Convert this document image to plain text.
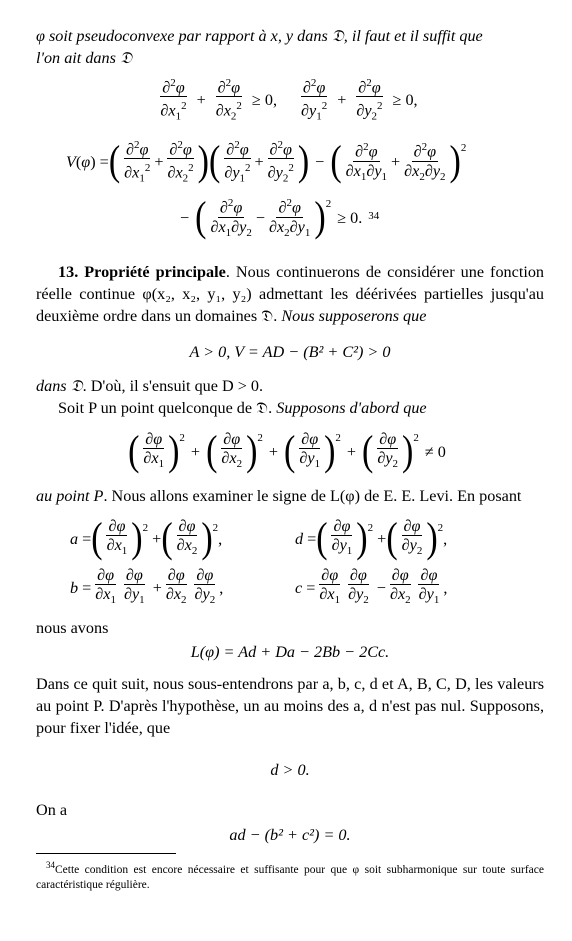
φ soit pseudoconvexe par rapport à x, y dans 𝔇, il faut et il suffit que

l'on ait dans 𝔇

$\frac{\partial^2\varphi}{\partial x_1^2} + \frac{\partial^2\varphi}{\partial x_2^2} \ge 0$, $\frac{\partial^2\varphi}{\partial y_1^2} + \frac{\partial^2\varphi}{\partial y_2^2} \ge 0$,
V(φ) = ( $\frac{\partial^2\varphi}{\partial x_1^2} + \frac{\partial^2\varphi}{\partial x_2^2}$ ) ( $\frac{\partial^2\varphi}{\partial y_1^2} + \frac{\partial^2\varphi}{\partial y_2^2}$ ) − ( $\frac{\partial^2\varphi}{\partial x_1\partial y_1} + \frac{\partial^2\varphi}{\partial x_2\partial y_2}$ ) 2
− ( $\frac{\partial^2\varphi}{\partial x_1\partial y_2} - \frac{\partial^2\varphi}{\partial x_2\partial y_1}$ ) 2
≥ 0. 34

13. Propriété principale. Nous continuerons de considérer une fonction réelle continue φ(x₂, x₂, y₁, y₂) admettant les déérivées partielles jusqu'au deuxième ordre dans un domaines 𝔇. Nous supposerons que

A > 0, V = AD − (B² + C²) > 0

dans 𝔇. D'où, il s'ensuit que D > 0.

Soit P un point quelconque de 𝔇. Supposons d'abord que

( $\frac{\partial\varphi}{\partial x_1}$ ) 2
+ ( $\frac{\partial\varphi}{\partial x_2}$ ) 2
+ ( $\frac{\partial\varphi}{\partial y_1}$ ) 2
+ ( $\frac{\partial\varphi}{\partial y_2}$ ) 2
≠ 0

au point P. Nous allons examiner le signe de L(φ) de E. E. Levi. En posant

a = ( $\frac{\partial\varphi}{\partial x_1}$ ) 2
+ ( $\frac{\partial\varphi}{\partial x_2}$ ) 2
,	d = ( $\frac{\partial\varphi}{\partial y_1}$ ) 2
+ ( $\frac{\partial\varphi}{\partial y_2}$ ) 2
,
$b = \frac{\partial\varphi}{\partial x_1} \frac{\partial\varphi}{\partial y_1} + \frac{\partial\varphi}{\partial x_2} \frac{\partial\varphi}{\partial y_2}$ ,	$c = \frac{\partial\varphi}{\partial x_1} \frac{\partial\varphi}{\partial y_2} - \frac{\partial\varphi}{\partial x_2} \frac{\partial\varphi}{\partial y_1}$ ,

nous avons

L(φ) = Ad + Da − 2Bb − 2Cc.

Dans ce quit suit, nous sous-entendrons par a, b, c, d et A, B, C, D, les valeurs au point P. D'après l'hypothèse, un au moins des a, d n'est pas nul. Supposons, pour fixer l'idée, que

d > 0.

On a

ad − (b² + c²) = 0.

$^{34}$Cette condition est encore nécessaire et suffisante pour que φ soit subharmonique sur toute surface caractéristique régulière.
